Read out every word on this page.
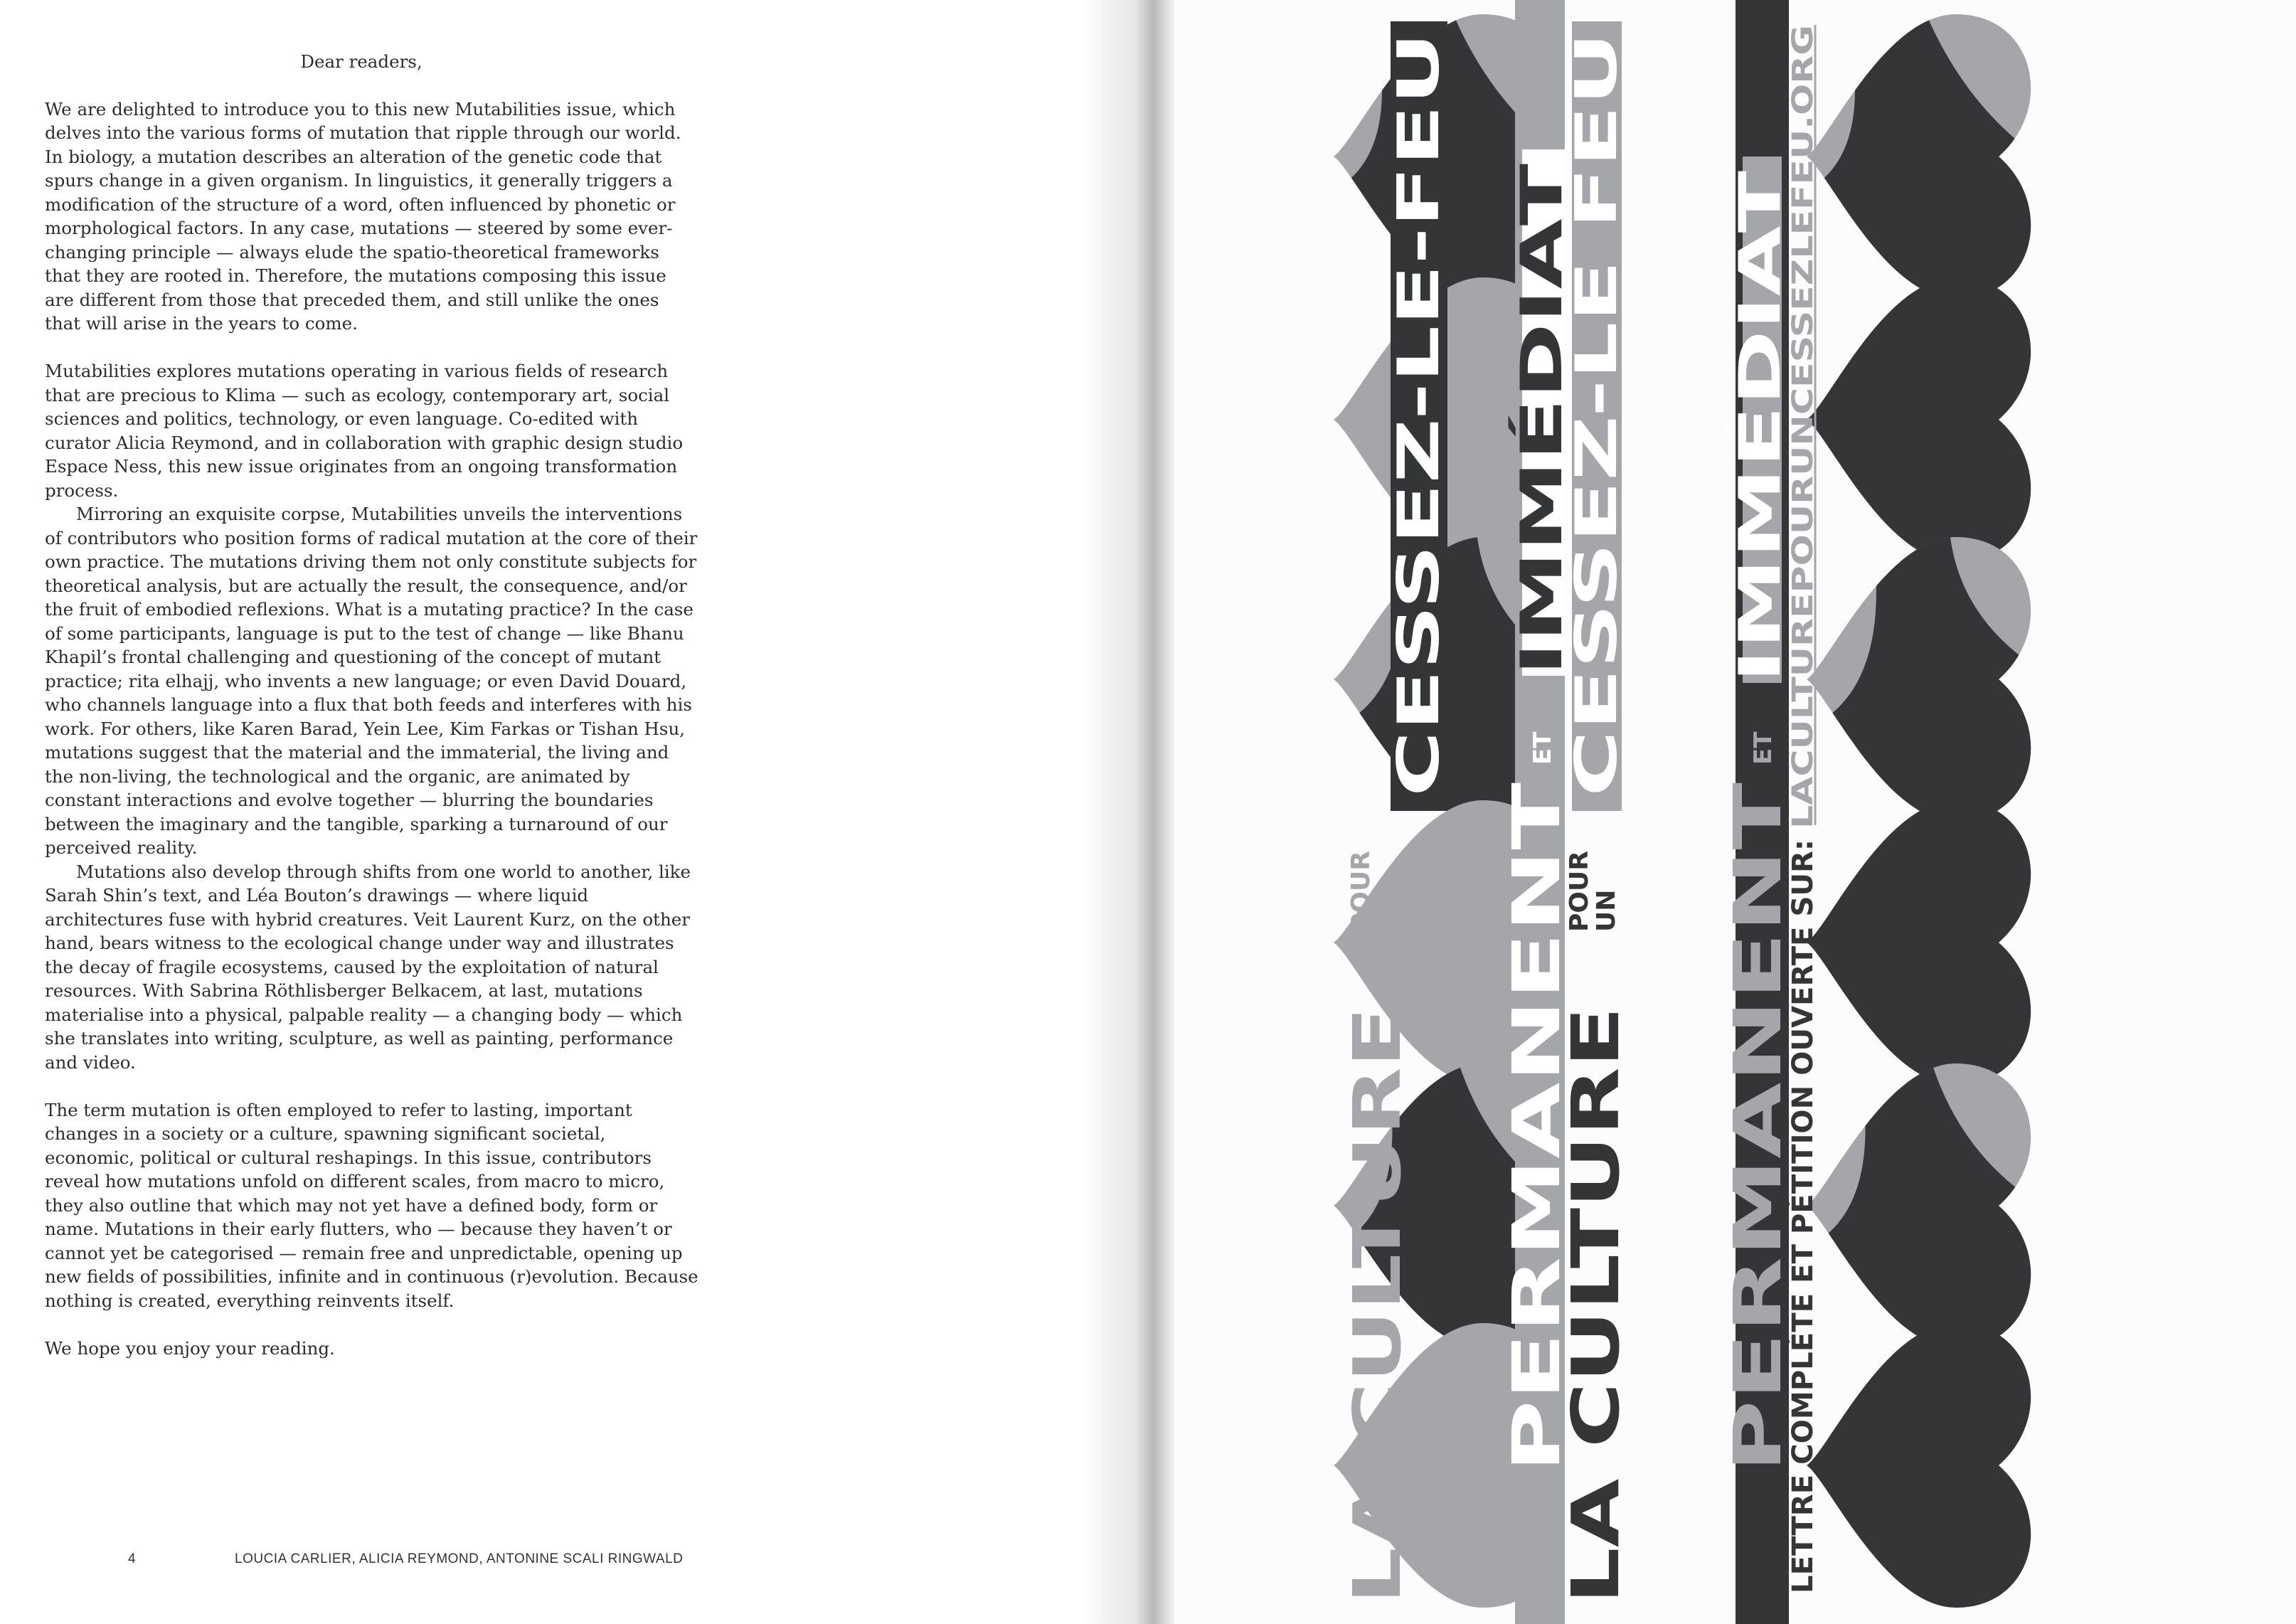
Dear readers,

We are delighted to introduce you to this new Mutabilities issue, which delves into the various forms of mutation that ripple through our world. In biology, a mutation describes an alteration of the genetic code that spurs change in a given organism. In linguistics, it generally triggers a modification of the structure of a word, often influenced by phonetic or morphological factors. In any case, mutations — steered by some ever-changing principle — always elude the spatio-theoretical frameworks that they are rooted in. Therefore, the mutations composing this issue are different from those that preceded them, and still unlike the ones that will arise in the years to come.

Mutabilities explores mutations operating in various fields of research that are precious to Klima — such as ecology, contemporary art, social sciences and politics, technology, or even language. Co-edited with curator Alicia Reymond, and in collaboration with graphic design studio Espace Ness, this new issue originates from an ongoing transformation process.

Mirroring an exquisite corpse, Mutabilities unveils the interventions of contributors who position forms of radical mutation at the core of their own practice. The mutations driving them not only constitute subjects for theoretical analysis, but are actually the result, the consequence, and/or the fruit of embodied reflexions. What is a mutating practice? In the case of some participants, language is put to the test of change — like Bhanu Khapil’s frontal challenging and questioning of the concept of mutant practice; rita elhajj, who invents a new language; or even David Douard, who channels language into a flux that both feeds and interferes with his work. For others, like Karen Barad, Yein Lee, Kim Farkas or Tishan Hsu, mutations suggest that the material and the immaterial, the living and the non-living, the technological and the organic, are animated by constant interactions and evolve together — blurring the boundaries between the imaginary and the tangible, sparking a turnaround of our perceived reality.

Mutations also develop through shifts from one world to another, like Sarah Shin’s text, and Léa Bouton’s drawings — where liquid architectures fuse with hybrid creatures. Veit Laurent Kurz, on the other hand, bears witness to the ecological change under way and illustrates the decay of fragile ecosystems, caused by the exploitation of natural resources. With Sabrina Röthlisberger Belkacem, at last, mutations materialise into a physical, palpable reality — a changing body — which she translates into writing, sculpture, as well as painting, performance and video.

The term mutation is often employed to refer to lasting, important changes in a society or a culture, spawning significant societal, economic, political or cultural reshapings. In this issue, contributors reveal how mutations unfold on different scales, from macro to micro, they also outline that which may not yet have a defined body, form or name. Mutations in their early flutters, who — because they haven’t or cannot yet be categorised — remain free and unpredictable, opening up new fields of possibilities, infinite and in continuous (r)evolution. Because nothing is created, everything reinvents itself.

We hope you enjoy your reading.

4	LOUCIA CARLIER, ALICIA REYMOND, ANTONINE SCALI RINGWALD	LA CULTURE
POUR
UN
CESSEZ-LE-FEU
PERMANENT
ET
IMMÉDIAT
LA CULTURE
POUR
UN
CESSEZ-LE FEU
PERMANENT
ET
IMMÉDIAT
LETTRE COMPLÈTE ET PÉTITION OUVERTE SUR:
LACULTUREPOURUNCESSEZLEFEU.ORG
